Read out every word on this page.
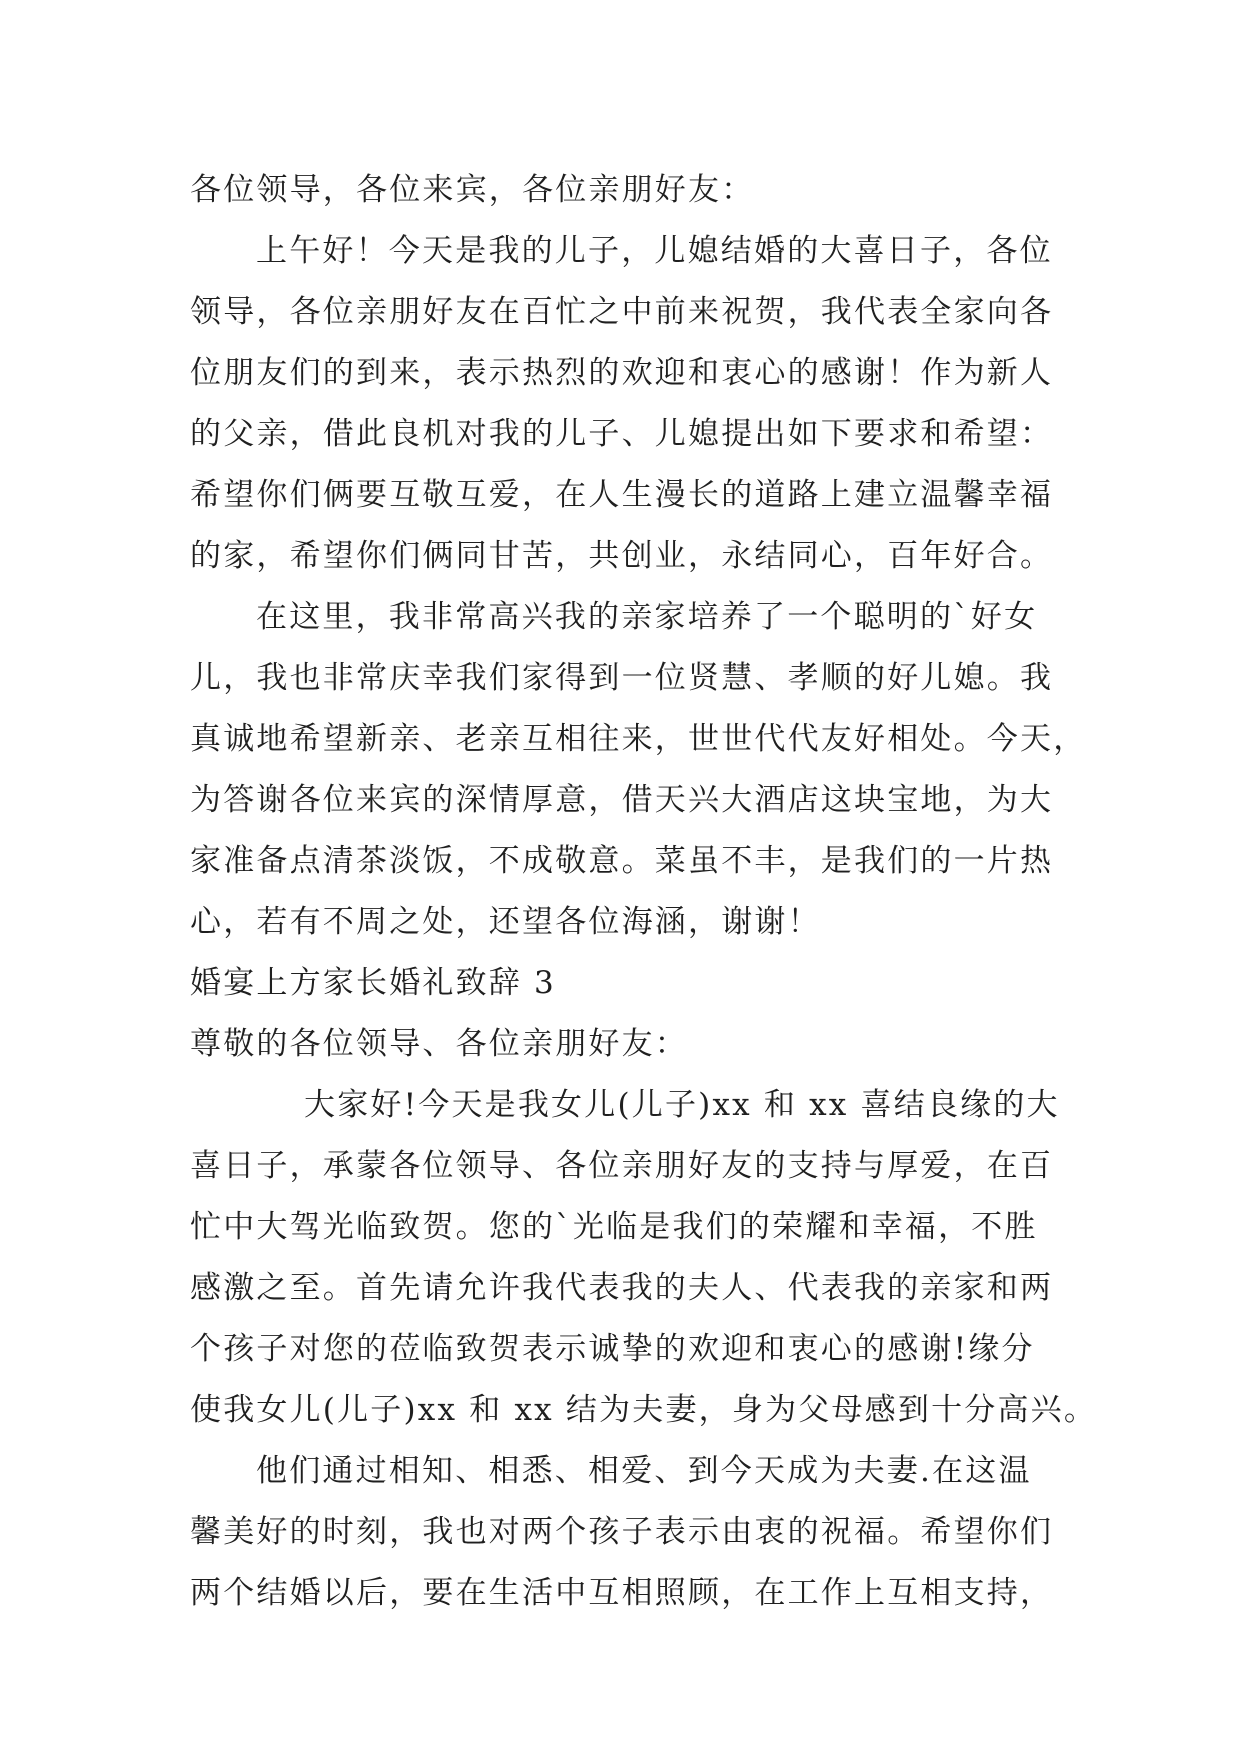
各位领导，各位来宾，各位亲朋好友：
上午好！今天是我的儿子，儿媳结婚的大喜日子，各位
领导，各位亲朋好友在百忙之中前来祝贺，我代表全家向各
位朋友们的到来，表示热烈的欢迎和衷心的感谢！作为新人
的父亲，借此良机对我的儿子、儿媳提出如下要求和希望：
希望你们俩要互敬互爱，在人生漫长的道路上建立温馨幸福
的家，希望你们俩同甘苦，共创业，永结同心，百年好合。
在这里，我非常高兴我的亲家培养了一个聪明的`好女
儿，我也非常庆幸我们家得到一位贤慧、孝顺的好儿媳。我
真诚地希望新亲、老亲互相往来，世世代代友好相处。今天，
为答谢各位来宾的深情厚意，借天兴大酒店这块宝地，为大
家准备点清茶淡饭，不成敬意。菜虽不丰，是我们的一片热
心，若有不周之处，还望各位海涵，谢谢！
婚宴上方家长婚礼致辞 3
尊敬的各位领导、各位亲朋好友：
大家好!今天是我女儿(儿子)xx 和 xx 喜结良缘的大
喜日子，承蒙各位领导、各位亲朋好友的支持与厚爱，在百
忙中大驾光临致贺。您的`光临是我们的荣耀和幸福，不胜
感激之至。首先请允许我代表我的夫人、代表我的亲家和两
个孩子对您的莅临致贺表示诚挚的欢迎和衷心的感谢!缘分
使我女儿(儿子)xx 和 xx 结为夫妻，身为父母感到十分高兴。
他们通过相知、相悉、相爱、到今天成为夫妻.在这温
馨美好的时刻，我也对两个孩子表示由衷的祝福。希望你们
两个结婚以后，要在生活中互相照顾，在工作上互相支持，
